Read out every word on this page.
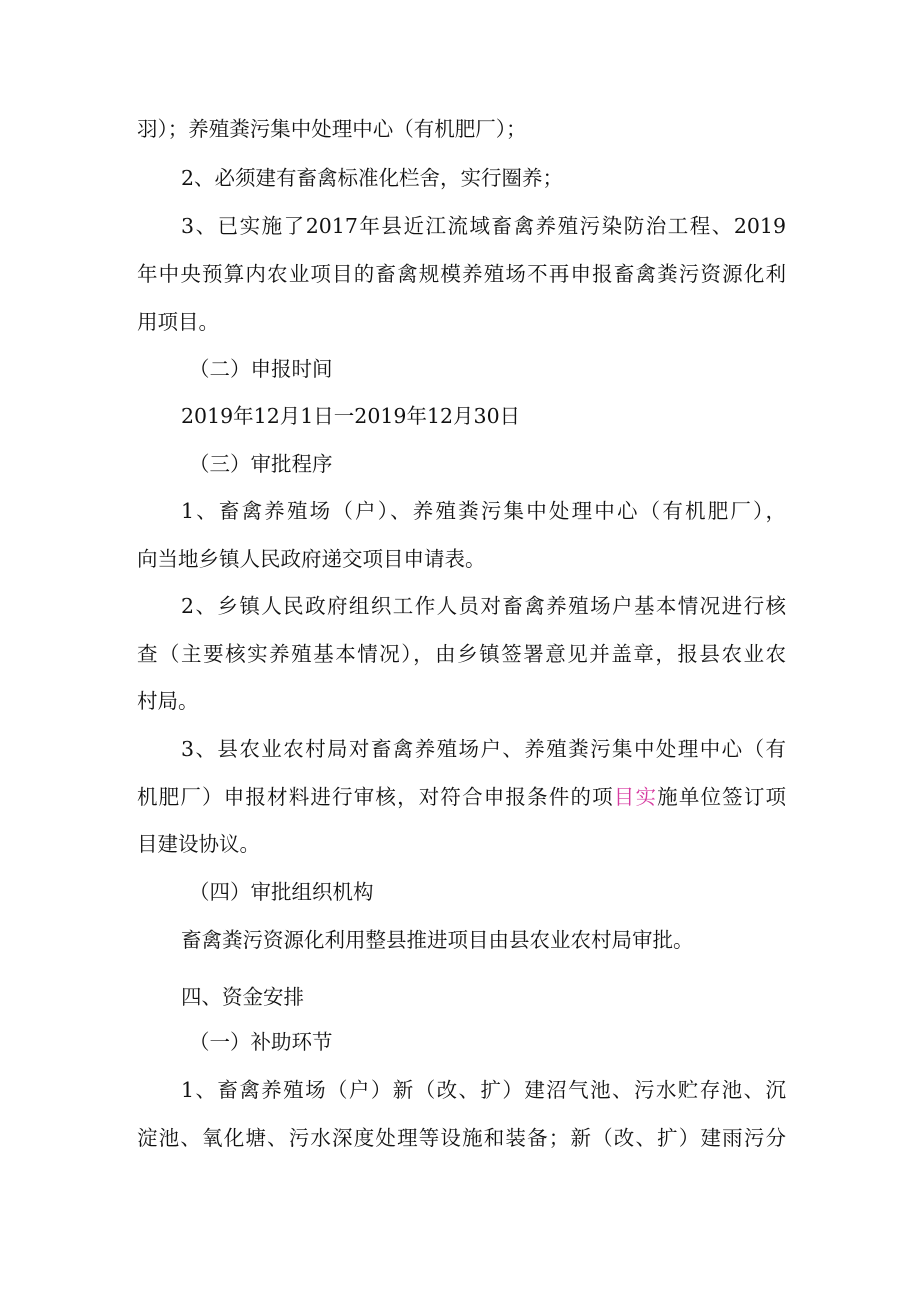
羽）；养殖粪污集中处理中心（有机肥厂）；
2、必须建有畜禽标准化栏舍，实行圈养；
3、已实施了2017年县近江流域畜禽养殖污染防治工程、2019
年中央预算内农业项目的畜禽规模养殖场不再申报畜禽粪污资源化利
用项目。
（二）申报时间
2019年12月1日一2019年12月30日
（三）审批程序
1、畜禽养殖场（户）、养殖粪污集中处理中心（有机肥厂），
向当地乡镇人民政府递交项目申请表。
2、乡镇人民政府组织工作人员对畜禽养殖场户基本情况进行核
查（主要核实养殖基本情况），由乡镇签署意见并盖章，报县农业农
村局。
3、县农业农村局对畜禽养殖场户、养殖粪污集中处理中心（有
机肥厂）申报材料进行审核，对符合申报条件的项目实施单位签订项
目建设协议。
（四）审批组织机构
畜禽粪污资源化利用整县推进项目由县农业农村局审批。
四、资金安排
（一）补助环节
1、畜禽养殖场（户）新（改、扩）建沼气池、污水贮存池、沉
淀池、氧化塘、污水深度处理等设施和装备；新（改、扩）建雨污分
